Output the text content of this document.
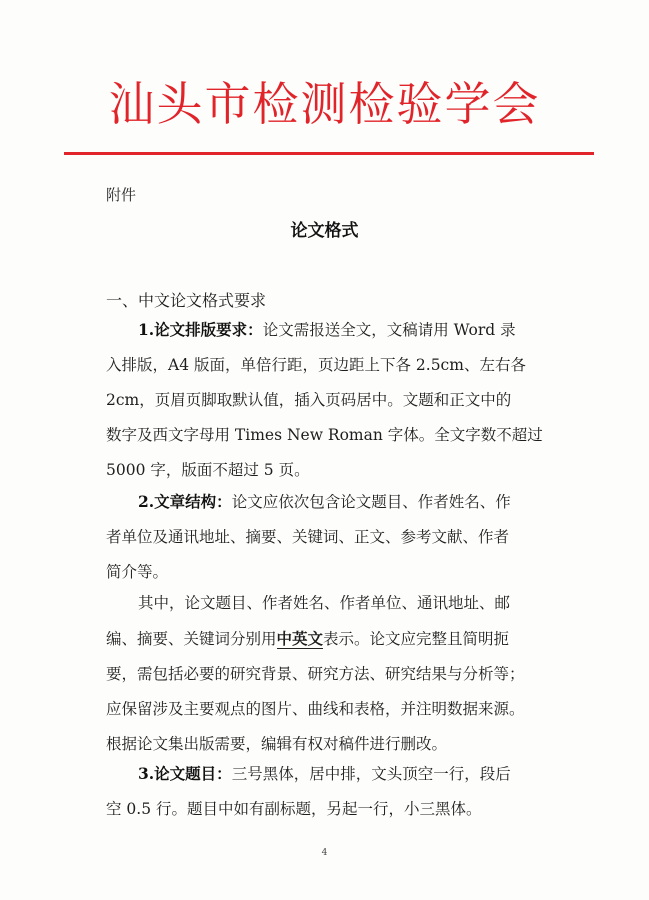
汕头市检测检验学会
附件
论文格式
一、中文论文格式要求
1.论文排版要求：论文需报送全文，文稿请用 Word 录
入排版，A4 版面，单倍行距，页边距上下各 2.5cm、左右各
2cm，页眉页脚取默认值，插入页码居中。文题和正文中的
数字及西文字母用 Times New Roman 字体。全文字数不超过
5000 字，版面不超过 5 页。
2.文章结构：论文应依次包含论文题目、作者姓名、作
者单位及通讯地址、摘要、关键词、正文、参考文献、作者
简介等。
其中，论文题目、作者姓名、作者单位、通讯地址、邮
编、摘要、关键词分别用中英文表示。论文应完整且简明扼
要，需包括必要的研究背景、研究方法、研究结果与分析等；
应保留涉及主要观点的图片、曲线和表格，并注明数据来源。
根据论文集出版需要，编辑有权对稿件进行删改。
3.论文题目：三号黑体，居中排，文头顶空一行，段后
空 0.5 行。题目中如有副标题，另起一行，小三黑体。
4
